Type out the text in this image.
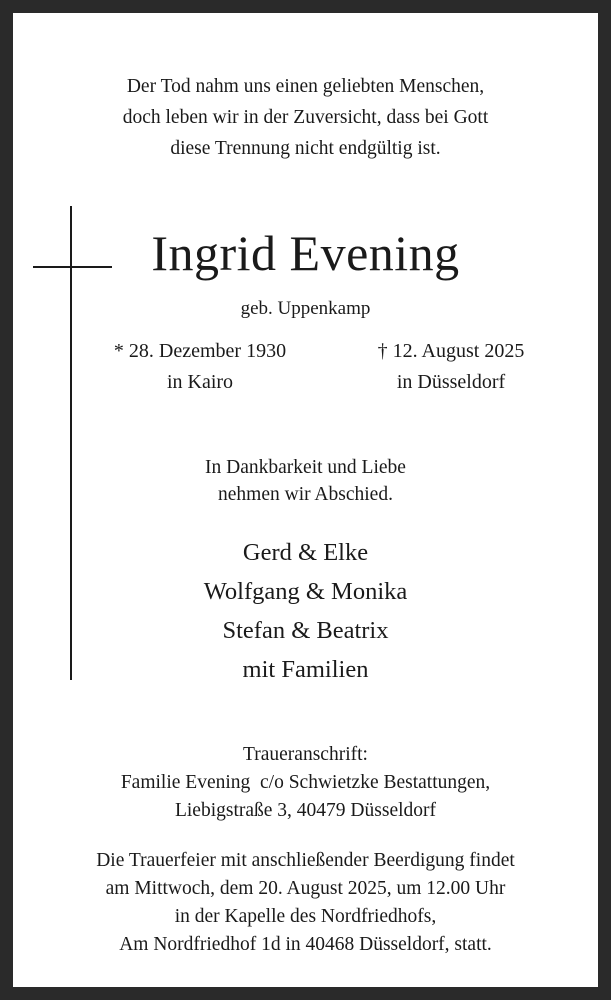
Der Tod nahm uns einen geliebten Menschen,
doch leben wir in der Zuversicht, dass bei Gott
diese Trennung nicht endgültig ist.
Ingrid Evening
geb. Uppenkamp
* 28. Dezember 1930
in Kairo
† 12. August 2025
in Düsseldorf
In Dankbarkeit und Liebe
nehmen wir Abschied.
Gerd & Elke
Wolfgang & Monika
Stefan & Beatrix
mit Familien
Traueranschrift:
Familie Evening  c/o Schwietzke Bestattungen,
Liebigstraße 3, 40479 Düsseldorf
Die Trauerfeier mit anschließender Beerdigung findet
am Mittwoch, dem 20. August 2025, um 12.00 Uhr
in der Kapelle des Nordfriedhofs,
Am Nordfriedhof 1d in 40468 Düsseldorf, statt.
